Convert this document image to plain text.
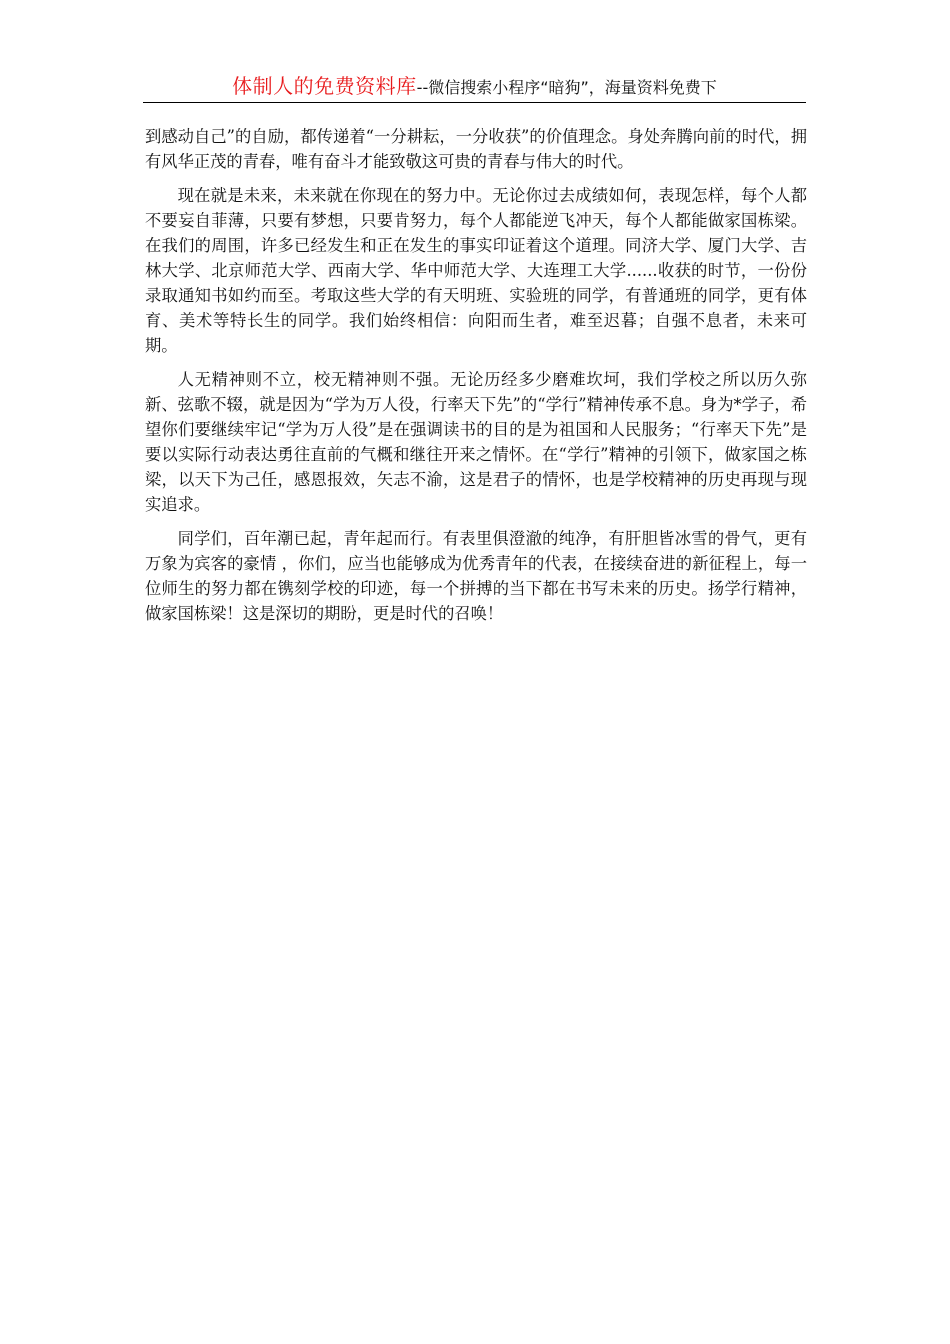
体制人的免费资料库--微信搜索小程序“暗狗”，海量资料免费下

到感动自己”的自励，都传递着“一分耕耘，一分收获”的价值理念。身处奔腾向前的时代，拥有风华正茂的青春，唯有奋斗才能致敬这可贵的青春与伟大的时代。

现在就是未来，未来就在你现在的努力中。无论你过去成绩如何，表现怎样，每个人都不要妄自菲薄，只要有梦想，只要肯努力，每个人都能逆飞冲天，每个人都能做家国栋梁。在我们的周围，许多已经发生和正在发生的事实印证着这个道理。同济大学、厦门大学、吉林大学、北京师范大学、西南大学、华中师范大学、大连理工大学......收获的时节，一份份录取通知书如约而至。考取这些大学的有天明班、实验班的同学，有普通班的同学，更有体育、美术等特长生的同学。我们始终相信：向阳而生者，难至迟暮；自强不息者，未来可期。

人无精神则不立，校无精神则不强。无论历经多少磨难坎坷，我们学校之所以历久弥新、弦歌不辍，就是因为“学为万人役，行率天下先”的“学行”精神传承不息。身为*学子，希望你们要继续牢记“学为万人役”是在强调读书的目的是为祖国和人民服务；“行率天下先”是要以实际行动表达勇往直前的气概和继往开来之情怀。在“学行”精神的引领下，做家国之栋梁，以天下为己任，感恩报效，矢志不渝，这是君子的情怀，也是学校精神的历史再现与现实追求。

同学们，百年潮已起，青年起而行。有表里俱澄澈的纯净，有肝胆皆冰雪的骨气，更有万象为宾客的豪情 ，你们，应当也能够成为优秀青年的代表，在接续奋进的新征程上，每一位师生的努力都在镌刻学校的印迹，每一个拼搏的当下都在书写未来的历史。扬学行精神，做家国栋梁！这是深切的期盼，更是时代的召唤！
